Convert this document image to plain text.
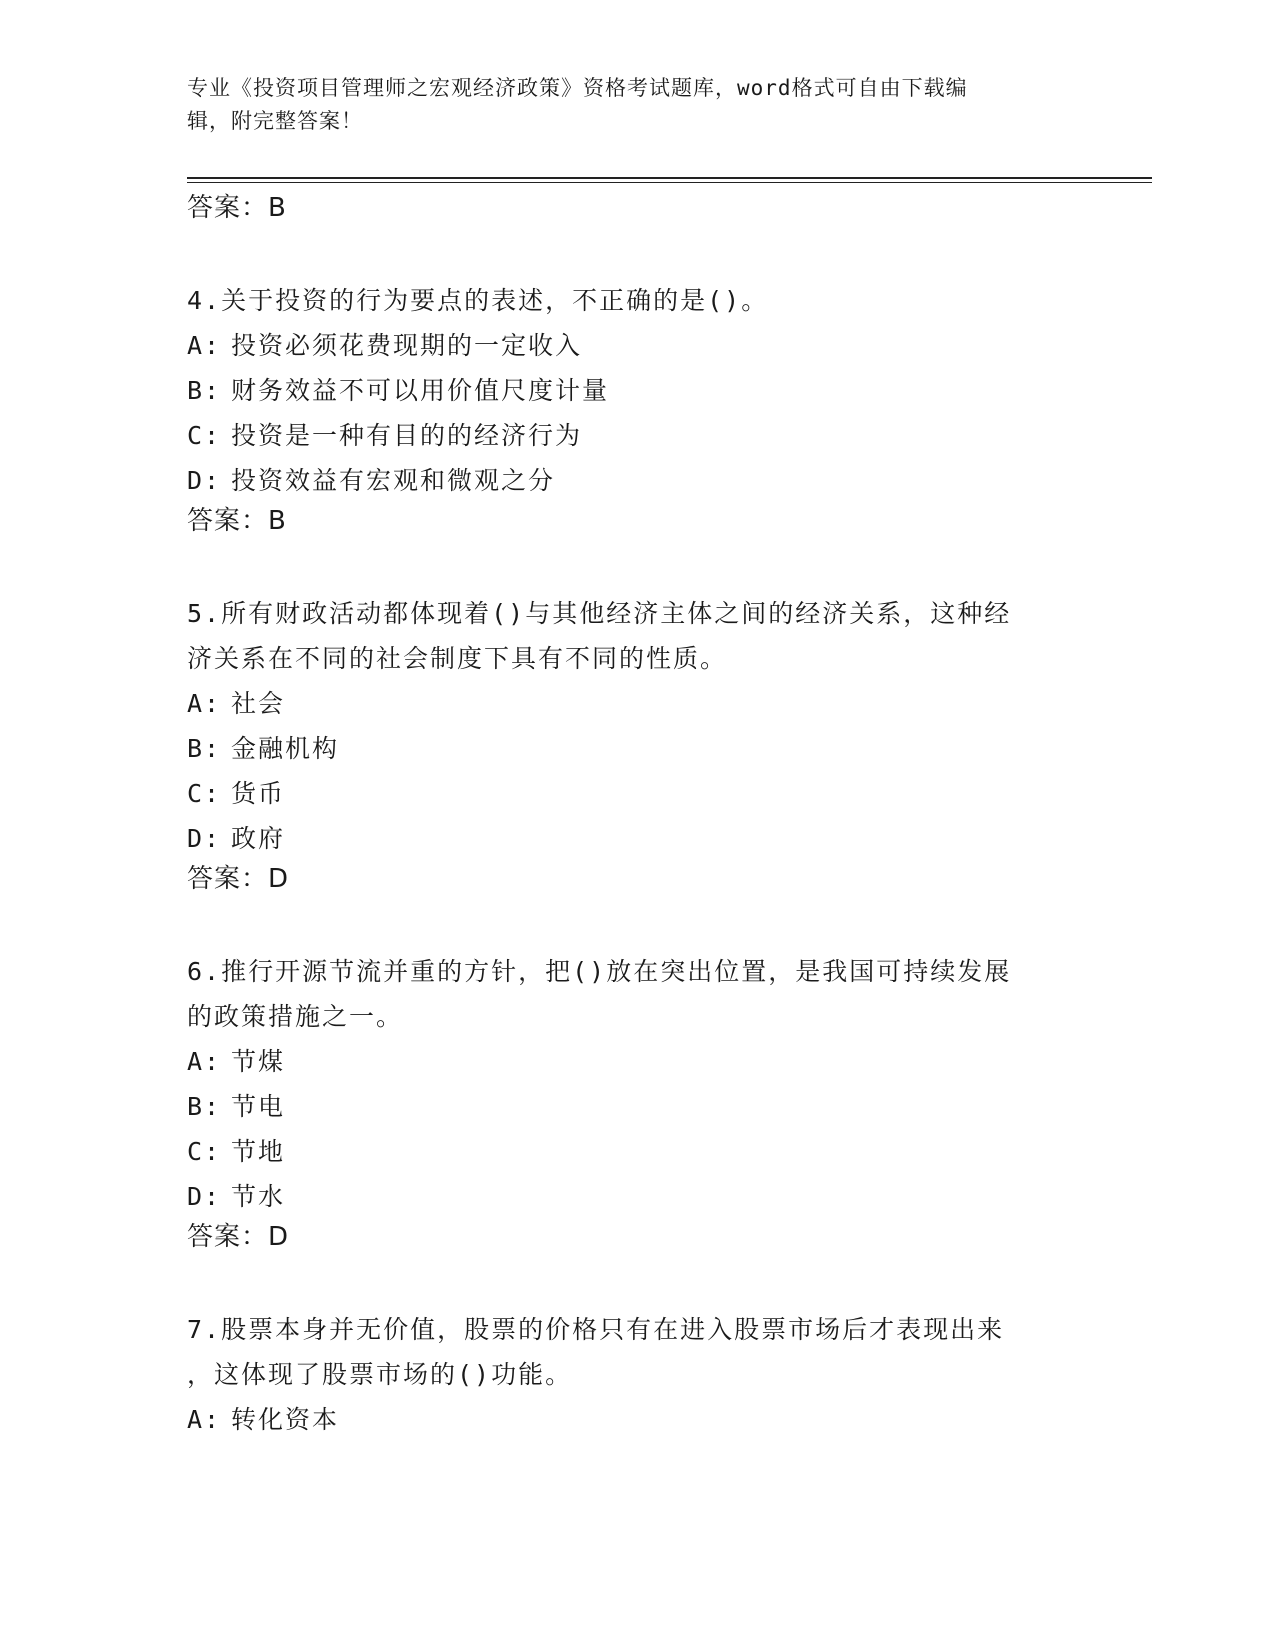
专业《投资项目管理师之宏观经济政策》资格考试题库，word格式可自由下载编
辑，附完整答案！
答案：B
4.关于投资的行为要点的表述，不正确的是()。
A: 投资必须花费现期的一定收入
B: 财务效益不可以用价值尺度计量
C: 投资是一种有目的的经济行为
D: 投资效益有宏观和微观之分
答案：B
5.所有财政活动都体现着()与其他经济主体之间的经济关系，这种经
济关系在不同的社会制度下具有不同的性质。
A: 社会
B: 金融机构
C: 货币
D: 政府
答案：D
6.推行开源节流并重的方针，把()放在突出位置，是我国可持续发展
的政策措施之一。
A: 节煤
B: 节电
C: 节地
D: 节水
答案：D
7.股票本身并无价值，股票的价格只有在进入股票市场后才表现出来
，这体现了股票市场的()功能。
A: 转化资本
